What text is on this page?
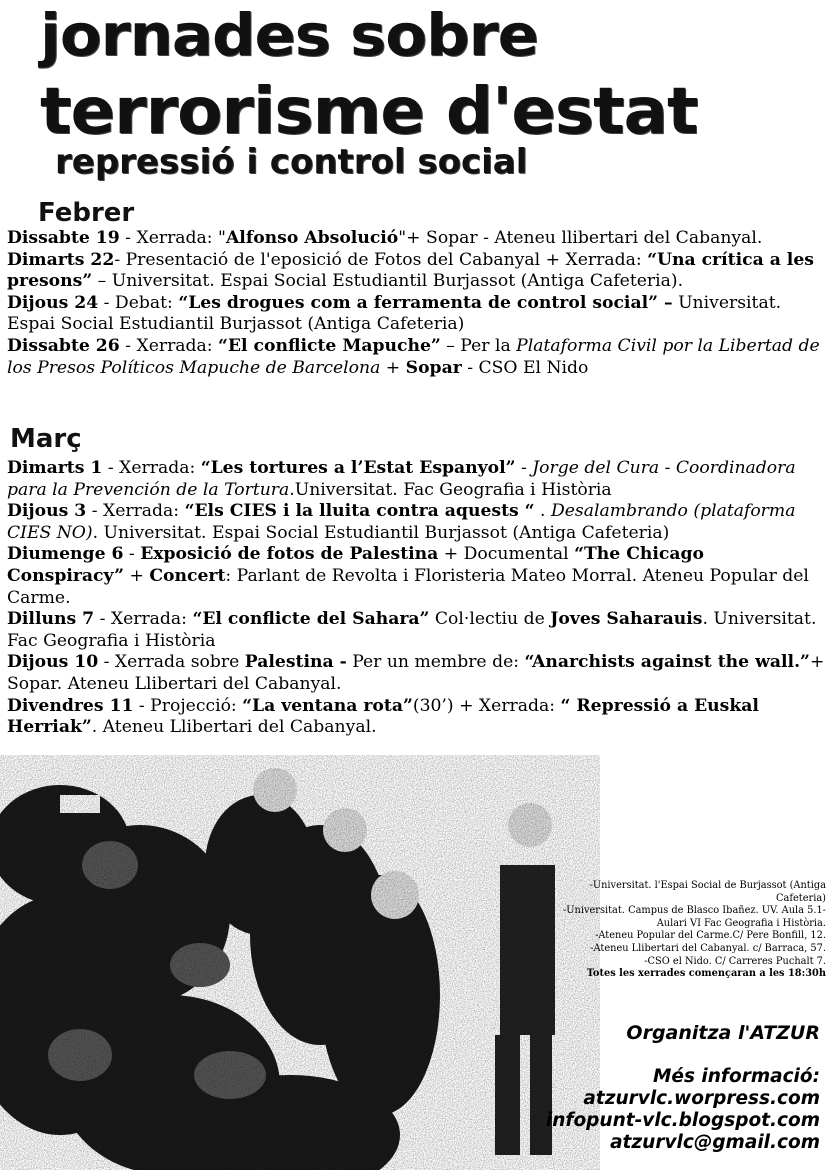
jornades sobre
terrorisme d'estat
repressió i control social
Febrer

Dissabte 19 - Xerrada: "Alfonso Absolució"+ Sopar - Ateneu llibertari del Cabanyal.

Dimarts 22- Presentació de l'eposició de Fotos del Cabanyal + Xerrada: “Una crítica a les presons” – Universitat. Espai Social Estudiantil Burjassot (Antiga Cafeteria).

Dijous 24 - Debat: “Les drogues com a ferramenta de control social” – Universitat. Espai Social Estudiantil Burjassot (Antiga Cafeteria)

Dissabte 26 - Xerrada: “El conflicte Mapuche” – Per la Plataforma Civil por la Libertad de los Presos Políticos Mapuche de Barcelona + Sopar - CSO El Nido

Març

Dimarts 1 - Xerrada: “Les tortures a l’Estat Espanyol” - Jorge del Cura - Coordinadora para la Prevención de la Tortura.Universitat. Fac Geografia i Història

Dijous 3 - Xerrada: “Els CIES i la lluita contra aquests “ . Desalambrando (plataforma CIES NO). Universitat. Espai Social Estudiantil Burjassot (Antiga Cafeteria)

Diumenge 6 - Exposició de fotos de Palestina + Documental “The Chicago Conspiracy” + Concert: Parlant de Revolta i Floristeria Mateo Morral. Ateneu Popular del Carme.

Dilluns 7 - Xerrada: “El conflicte del Sahara” Col·lectiu de Joves Saharauis. Universitat. Fac Geografia i Història

Dijous 10 - Xerrada sobre Palestina - Per un membre de: “Anarchists against the wall.”+ Sopar. Ateneu Llibertari del Cabanyal.

Divendres 11 - Projecció: “La ventana rota”(30’) + Xerrada: “ Repressió a Euskal Herriak”. Ateneu Llibertari del Cabanyal.

-Universitat. l'Espai Social de Burjassot (Antiga Cafeteria)
-Universitat. Campus de Blasco Ibañez. UV. Aula 5.1-Aulari VI Fac Geografia i Història.
-Ateneu Popular del Carme.C/ Pere Bonfill, 12.
-Ateneu Llibertari del Cabanyal. c/ Barraca, 57.
-CSO el Nido. C/ Carreres Puchalt 7.
Totes les xerrades començaran a les 18:30h
Organitza l'ATZUR
Més informació:
atzurvlc.worpress.com
infopunt-vlc.blogspot.com
atzurvlc@gmail.com
